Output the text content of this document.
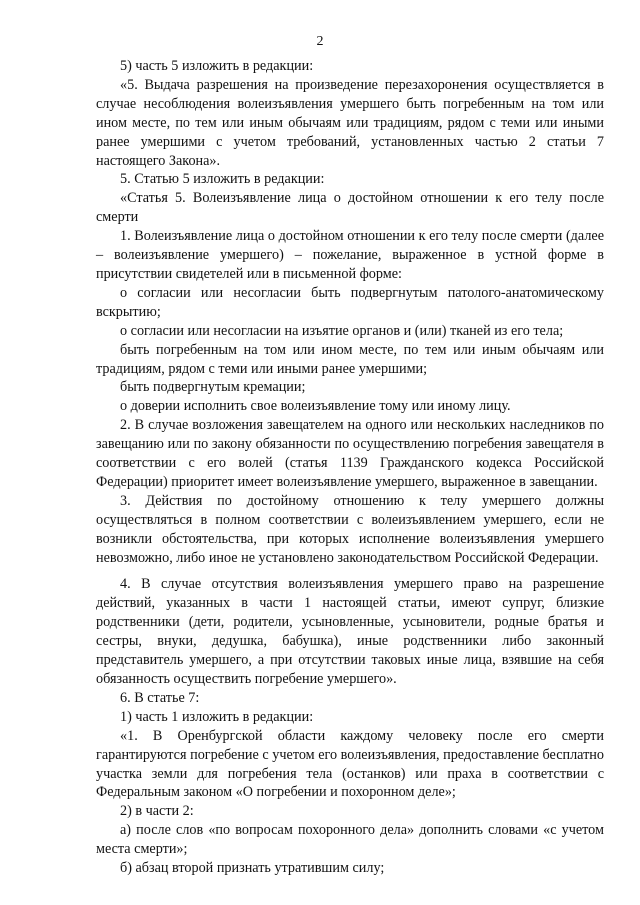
2

5) часть 5 изложить в редакции:

«5. Выдача разрешения на произведение перезахоронения осуществляется в случае несоблюдения волеизъявления умершего быть погребенным на том или ином месте, по тем или иным обычаям или традициям, рядом с теми или иными ранее умершими с учетом требований, установленных частью 2 статьи 7 настоящего Закона».

5. Статью 5 изложить в редакции:

«Статья 5. Волеизъявление лица о достойном отношении к его телу после смерти

1. Волеизъявление лица о достойном отношении к его телу после смерти (далее – волеизъявление умершего) – пожелание, выраженное в устной форме в присутствии свидетелей или в письменной форме:

о согласии или несогласии быть подвергнутым патолого-анатомическому вскрытию;

о согласии или несогласии на изъятие органов и (или) тканей из его тела;

быть погребенным на том или ином месте, по тем или иным обычаям или традициям, рядом с теми или иными ранее умершими;

быть подвергнутым кремации;

о доверии исполнить свое волеизъявление тому или иному лицу.

2. В случае возложения завещателем на одного или нескольких наследников по завещанию или по закону обязанности по осуществлению погребения завещателя в соответствии с его волей (статья 1139 Гражданского кодекса Российской Федерации) приоритет имеет волеизъявление умершего, выраженное в завещании.

3. Действия по достойному отношению к телу умершего должны осуществляться в полном соответствии с волеизъявлением умершего, если не возникли обстоятельства, при которых исполнение волеизъявления умершего невозможно, либо иное не установлено законодательством Российской Федерации.

4. В случае отсутствия волеизъявления умершего право на разрешение действий, указанных в части 1 настоящей статьи, имеют супруг, близкие родственники (дети, родители, усыновленные, усыновители, родные братья и сестры, внуки, дедушка, бабушка), иные родственники либо законный представитель умершего, а при отсутствии таковых иные лица, взявшие на себя обязанность осуществить погребение умершего».

6. В статье 7:

1) часть 1 изложить в редакции:

«1. В Оренбургской области каждому человеку после его смерти гарантируются погребение с учетом его волеизъявления, предоставление бесплатно участка земли для погребения тела (останков) или праха в соответствии с Федеральным законом «О погребении и похоронном деле»;

2) в части 2:

а) после слов «по вопросам похоронного дела» дополнить словами «с учетом места смерти»;

б) абзац второй признать утратившим силу;
